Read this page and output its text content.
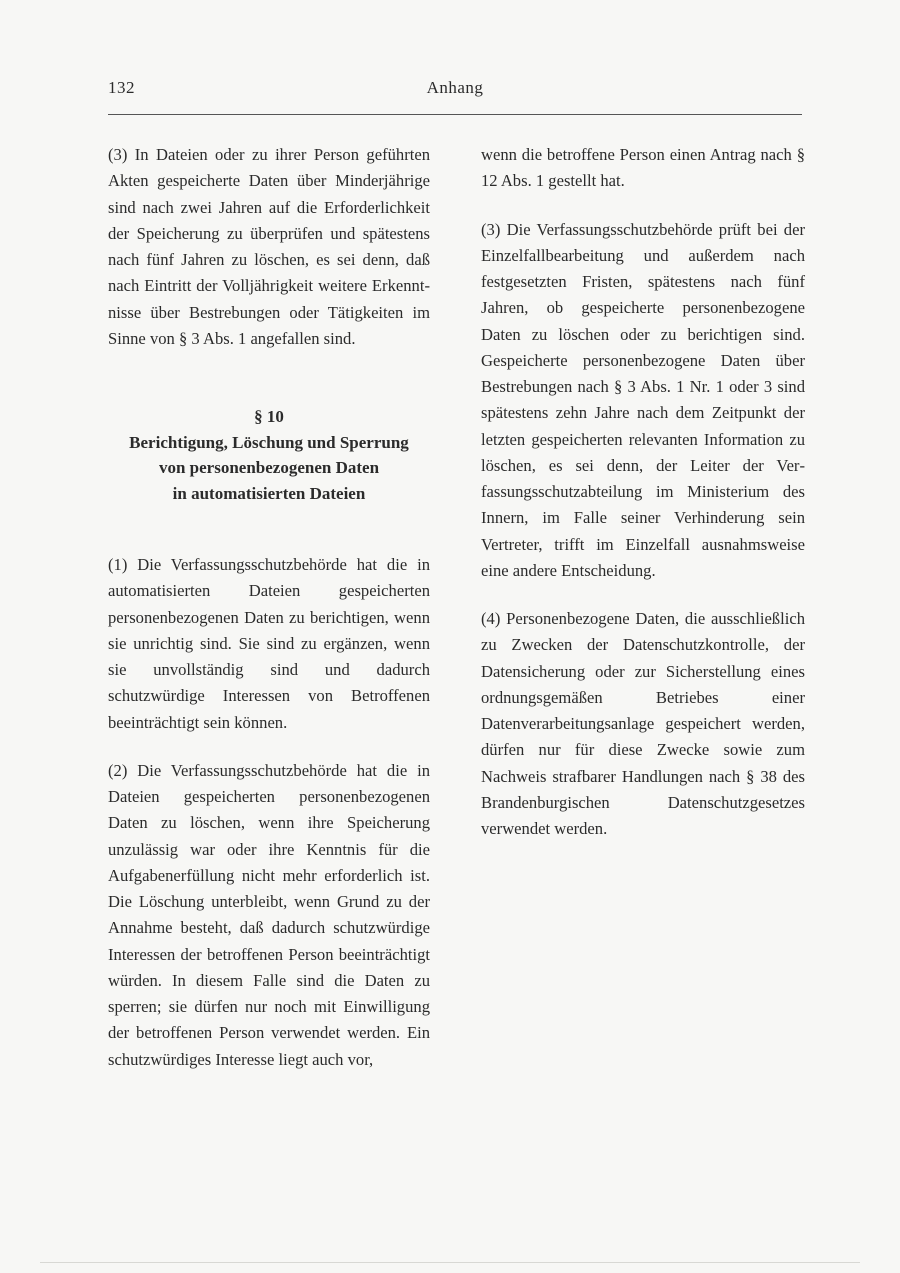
132	Anhang

(3) In Dateien oder zu ihrer Person geführten Akten gespeicherte Daten über Minderjährige sind nach zwei Jahren auf die Erforderlichkeit der Speicherung zu überprüfen und spätestens nach fünf Jahren zu löschen, es sei denn, daß nach Eintritt der Volljährigkeit weitere Erkenntnisse über Bestrebungen oder Tätigkeiten im Sinne von § 3 Abs. 1 angefallen sind.

§ 10
Berichtigung, Löschung und Sperrung
von personenbezogenen Daten
in automatisierten Dateien

(1) Die Verfassungsschutzbehörde hat die in automatisierten Dateien gespeicherten personenbezogenen Daten zu berichtigen, wenn sie unrichtig sind. Sie sind zu ergänzen, wenn sie unvollständig sind und dadurch schutzwürdige Interessen von Betroffenen beeinträchtigt sein können.

(2) Die Verfassungsschutzbehörde hat die in Dateien gespeicherten personenbezogenen Daten zu löschen, wenn ihre Speicherung unzulässig war oder ihre Kenntnis für die Aufgabenerfüllung nicht mehr erforderlich ist. Die Löschung unterbleibt, wenn Grund zu der Annahme besteht, daß dadurch schutzwürdige Interessen der betroffenen Person beeinträchtigt würden. In diesem Falle sind die Daten zu sperren; sie dürfen nur noch mit Einwilligung der betroffenen Person verwendet werden. Ein schutzwürdiges Interesse liegt auch vor,

wenn die betroffene Person einen Antrag nach § 12 Abs. 1 gestellt hat.

(3) Die Verfassungsschutzbehörde prüft bei der Einzelfallbearbeitung und außerdem nach festgesetzten Fristen, spätestens nach fünf Jahren, ob gespeicherte personenbezogene Daten zu löschen oder zu berichtigen sind. Gespeicherte personenbezogene Daten über Bestrebungen nach § 3 Abs. 1 Nr. 1 oder 3 sind spätestens zehn Jahre nach dem Zeitpunkt der letzten gespeicherten relevanten Information zu löschen, es sei denn, der Leiter der Verfassungsschutzabteilung im Ministerium des Innern, im Falle seiner Verhinderung sein Vertreter, trifft im Einzelfall ausnahmsweise eine andere Entscheidung.

(4) Personenbezogene Daten, die ausschließlich zu Zwecken der Datenschutzkontrolle, der Datensicherung oder zur Sicherstellung eines ordnungsgemäßen Betriebes einer Datenverarbeitungsanlage gespeichert werden, dürfen nur für diese Zwecke sowie zum Nachweis strafbarer Handlungen nach § 38 des Brandenburgischen Datenschutzgesetzes verwendet werden.
